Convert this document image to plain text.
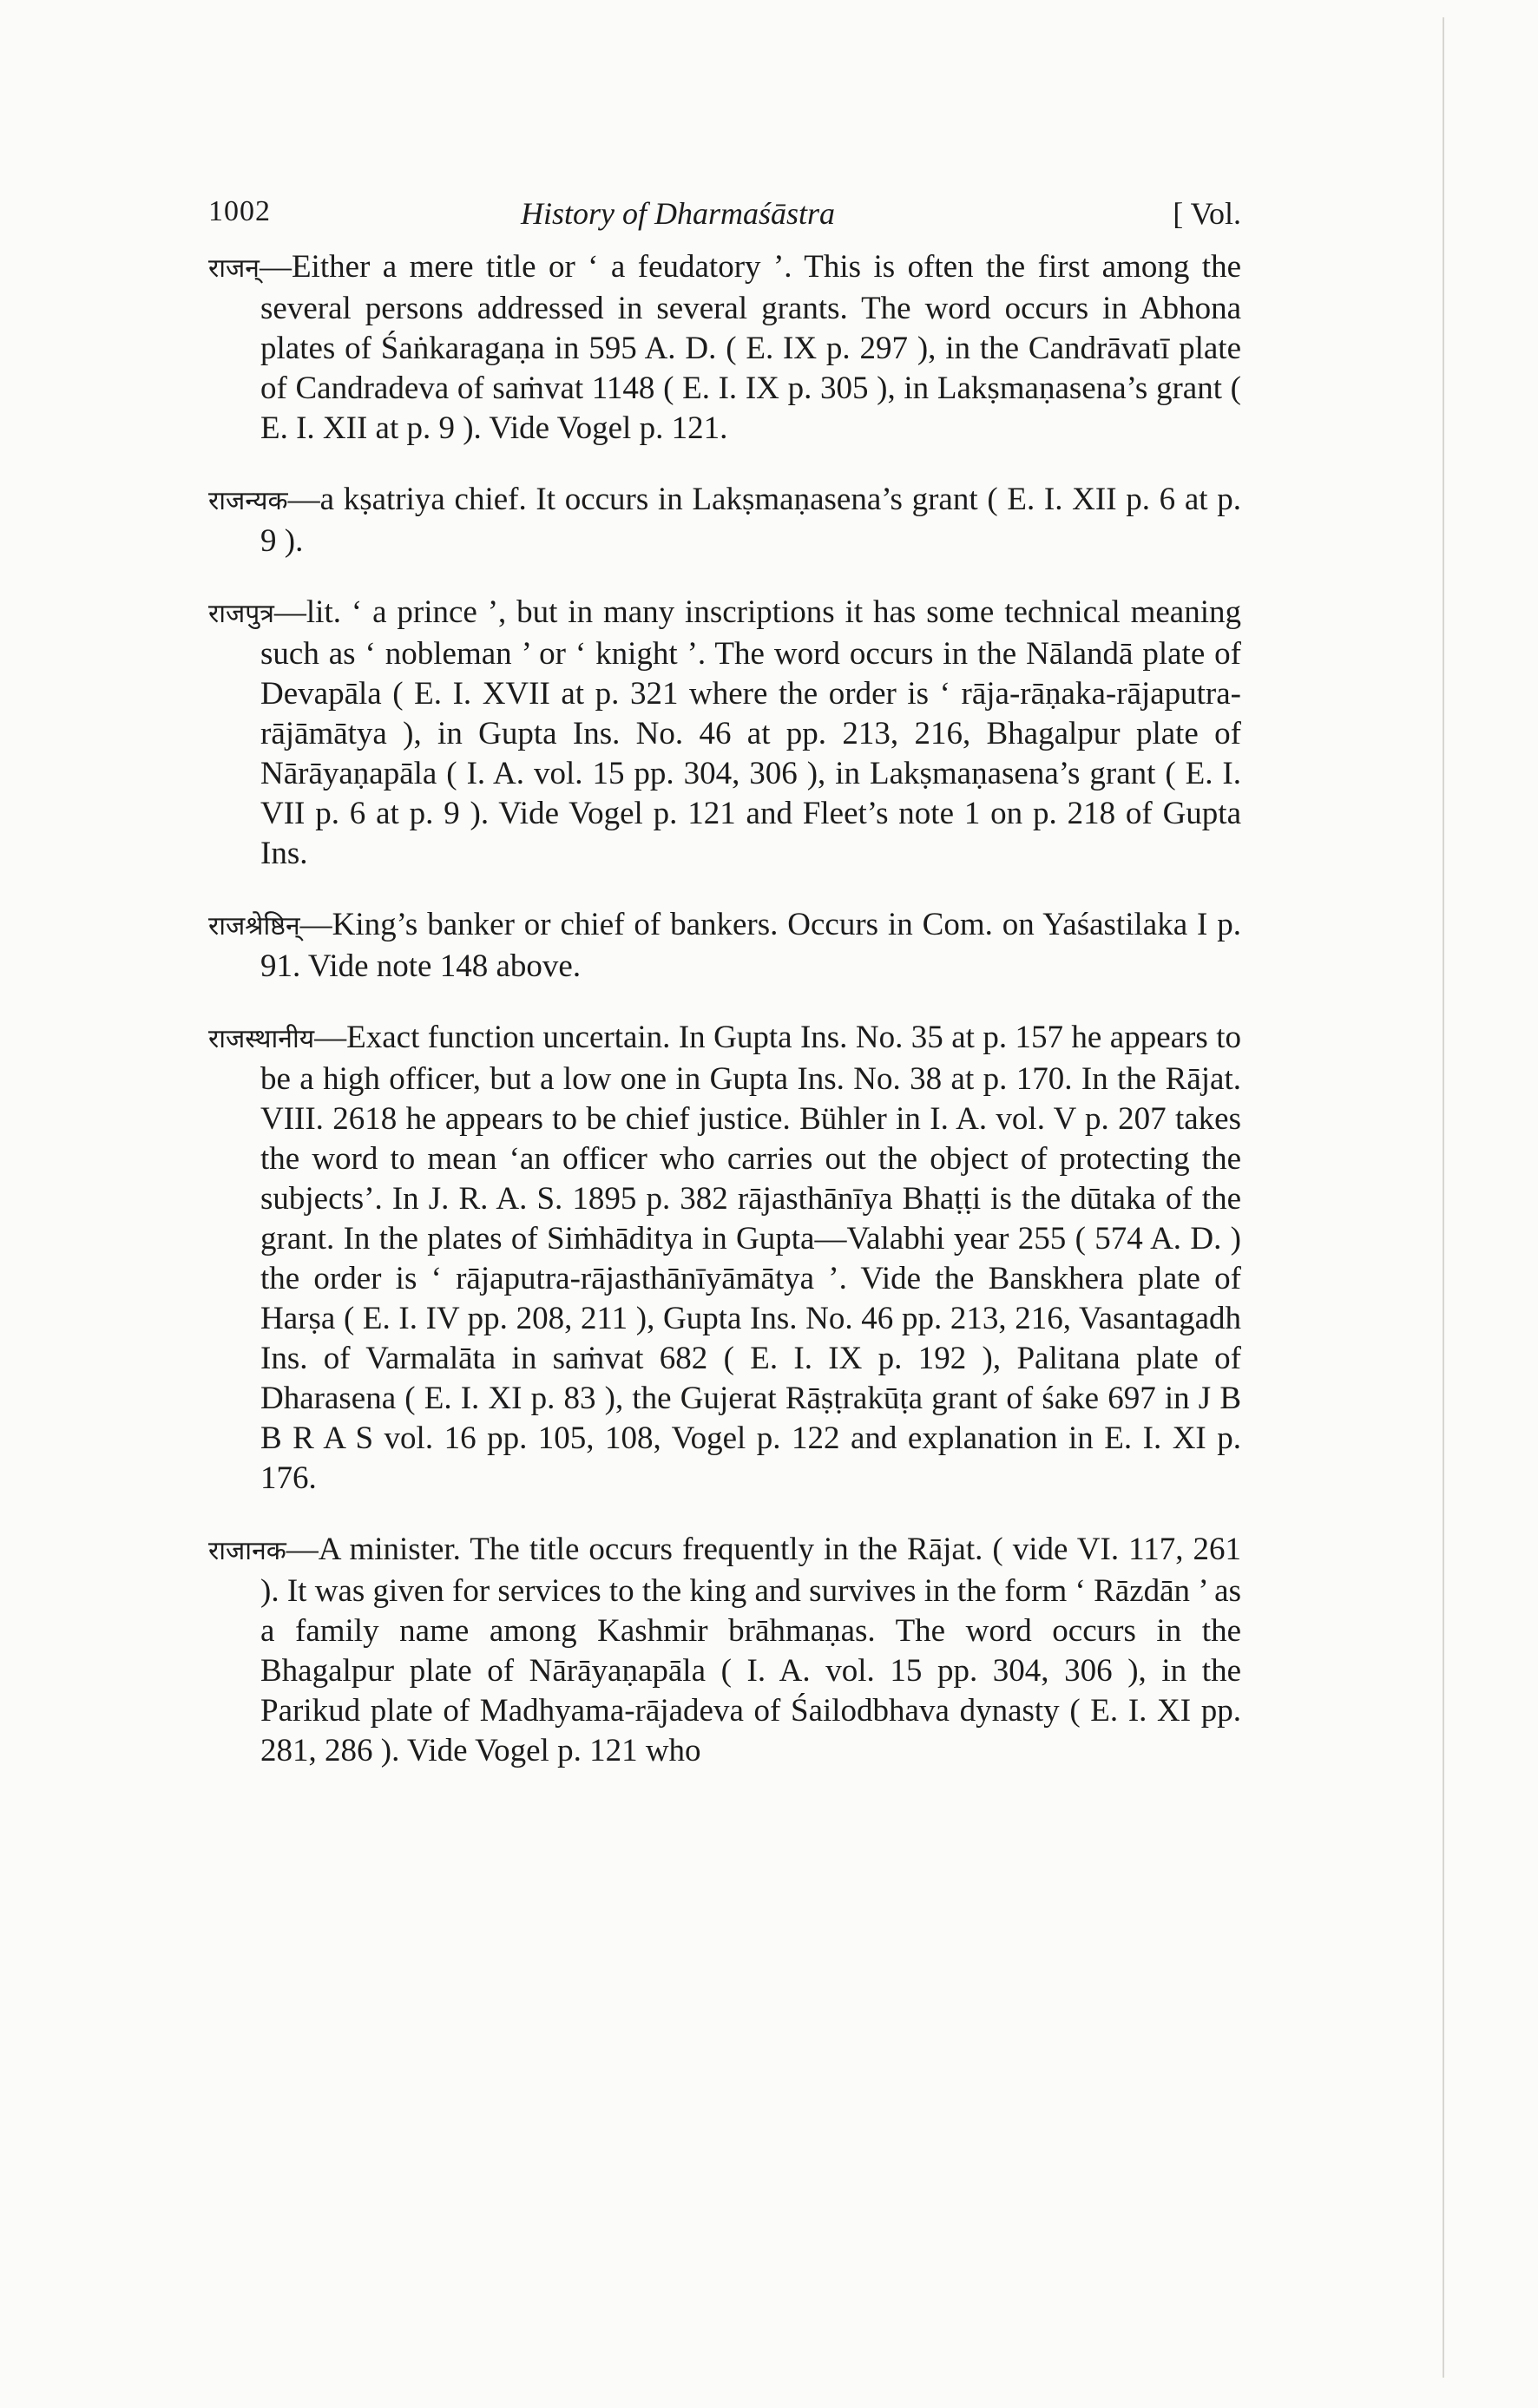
1002	History of Dharmaśāstra	[ Vol.

राजन्—Either a mere title or ‘ a feudatory ’. This is often the first among the several persons addressed in several grants. The word occurs in Abhona plates of Śaṅkaragaṇa in 595 A. D. ( E. IX p. 297 ), in the Candrāvatī plate of Candradeva of saṁvat 1148 ( E. I. IX p. 305 ), in Lakṣmaṇasena’s grant ( E. I. XII at p. 9 ). Vide Vogel p. 121.

राजन्यक—a kṣatriya chief. It occurs in Lakṣmaṇasena’s grant ( E. I. XII p. 6 at p. 9 ).

राजपुत्र—lit. ‘ a prince ’, but in many inscriptions it has some technical meaning such as ‘ nobleman ’ or ‘ knight ’. The word occurs in the Nālandā plate of Devapāla ( E. I. XVII at p. 321 where the order is ‘ rāja-rāṇaka-rājaputra-rājāmātya ), in Gupta Ins. No. 46 at pp. 213, 216, Bhagalpur plate of Nārāyaṇapāla ( I. A. vol. 15 pp. 304, 306 ), in Lakṣmaṇasena’s grant ( E. I. VII p. 6 at p. 9 ). Vide Vogel p. 121 and Fleet’s note 1 on p. 218 of Gupta Ins.

राजश्रेष्ठिन्—King’s banker or chief of bankers. Occurs in Com. on Yaśastilaka I p. 91. Vide note 148 above.

राजस्थानीय—Exact function uncertain. In Gupta Ins. No. 35 at p. 157 he appears to be a high officer, but a low one in Gupta Ins. No. 38 at p. 170. In the Rājat. VIII. 2618 he appears to be chief justice. Bühler in I. A. vol. V p. 207 takes the word to mean ‘an officer who carries out the object of protecting the subjects’. In J. R. A. S. 1895 p. 382 rājasthānīya Bhaṭṭi is the dūtaka of the grant. In the plates of Siṁhāditya in Gupta—Valabhi year 255 ( 574 A. D. ) the order is ‘ rājaputra-rājasthānīyāmātya ’. Vide the Banskhera plate of Harṣa ( E. I. IV pp. 208, 211 ), Gupta Ins. No. 46 pp. 213, 216, Vasantagadh Ins. of Varmalāta in saṁvat 682 ( E. I. IX p. 192 ), Palitana plate of Dharasena ( E. I. XI p. 83 ), the Gujerat Rāṣṭrakūṭa grant of śake 697 in J B B R A S vol. 16 pp. 105, 108, Vogel p. 122 and explanation in E. I. XI p. 176.

राजानक—A minister. The title occurs frequently in the Rājat. ( vide VI. 117, 261 ). It was given for services to the king and survives in the form ‘ Rāzdān ’ as a family name among Kashmir brāhmaṇas. The word occurs in the Bhagalpur plate of Nārāyaṇapāla ( I. A. vol. 15 pp. 304, 306 ), in the Parikud plate of Madhyama-rājadeva of Śailodbhava dynasty ( E. I. XI pp. 281, 286 ). Vide Vogel p. 121 who
